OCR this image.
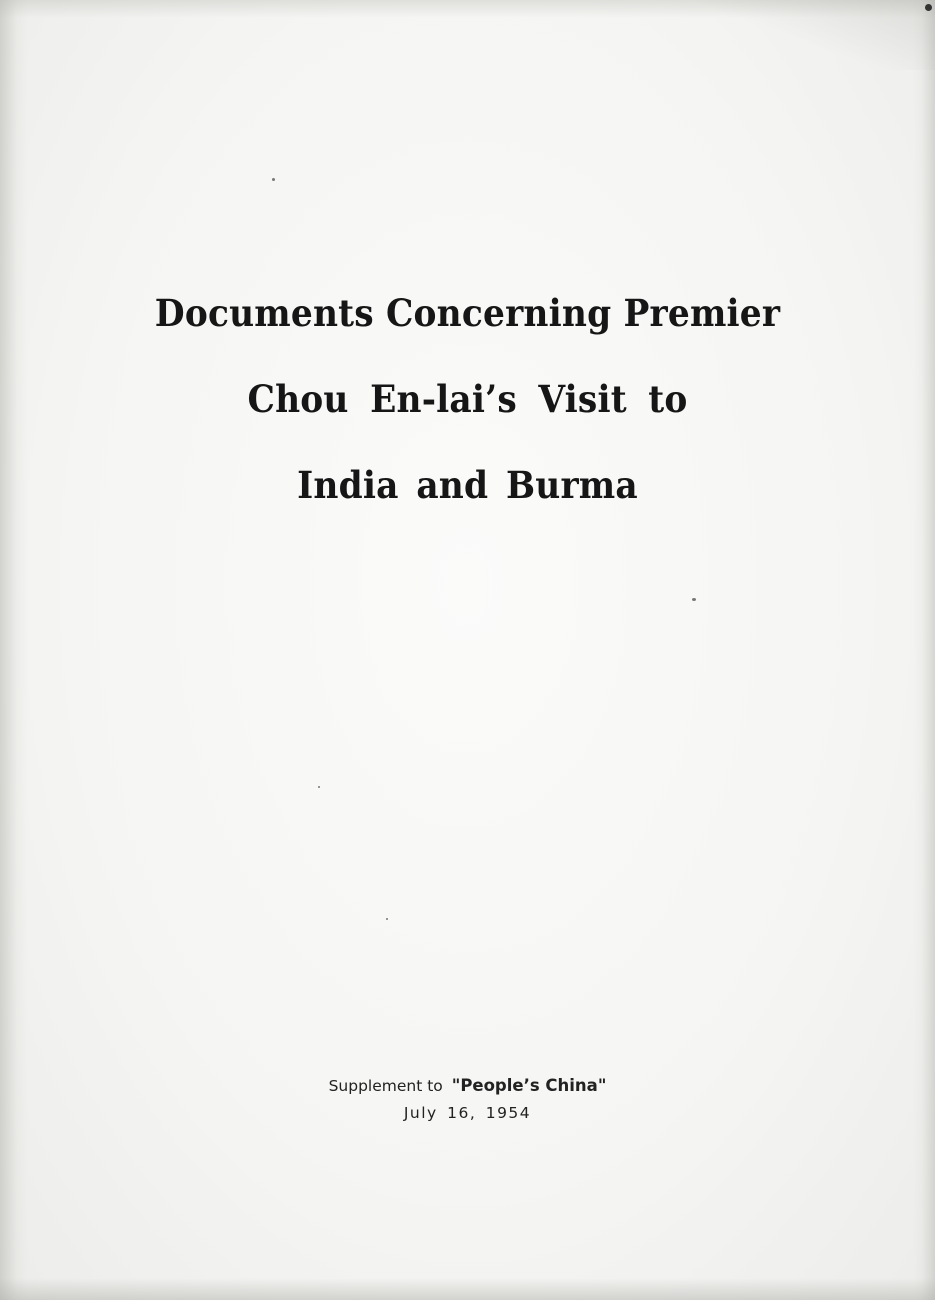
Documents Concerning Premier
Chou En-lai’s Visit to
India and Burma
Supplement to "People’s China"
July 16, 1954
